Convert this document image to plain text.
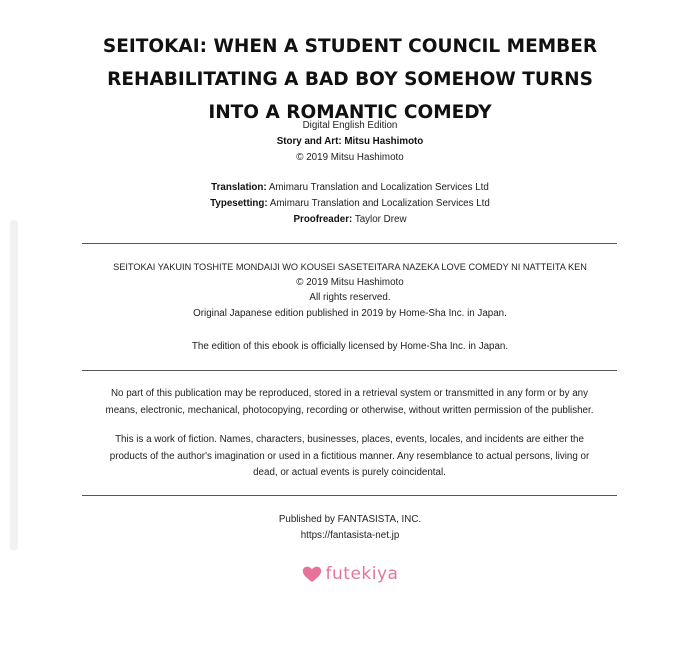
SEITOKAI: WHEN A STUDENT COUNCIL MEMBER
REHABILITATING A BAD BOY SOMEHOW TURNS
INTO A ROMANTIC COMEDY
Digital English Edition
Story and Art: Mitsu Hashimoto
© 2019 Mitsu Hashimoto
Translation: Amimaru Translation and Localization Services Ltd
Typesetting: Amimaru Translation and Localization Services Ltd
Proofreader: Taylor Drew
SEITOKAI YAKUIN TOSHITE MONDAIJI WO KOUSEI SASETEITARA NAZEKA LOVE COMEDY NI NATTEITA KEN
© 2019 Mitsu Hashimoto
All rights reserved.
Original Japanese edition published in 2019 by Home-Sha Inc. in Japan.
The edition of this ebook is officially licensed by Home-Sha Inc. in Japan.
No part of this publication may be reproduced, stored in a retrieval system or transmitted in any form or by any
means, electronic, mechanical, photocopying, recording or otherwise, without written permission of the publisher.
This is a work of fiction. Names, characters, businesses, places, events, locales, and incidents are either the
products of the author's imagination or used in a fictitious manner. Any resemblance to actual persons, living or
dead, or actual events is purely coincidental.
Published by FANTASISTA, INC.
https://fantasista-net.jp
futekiya
